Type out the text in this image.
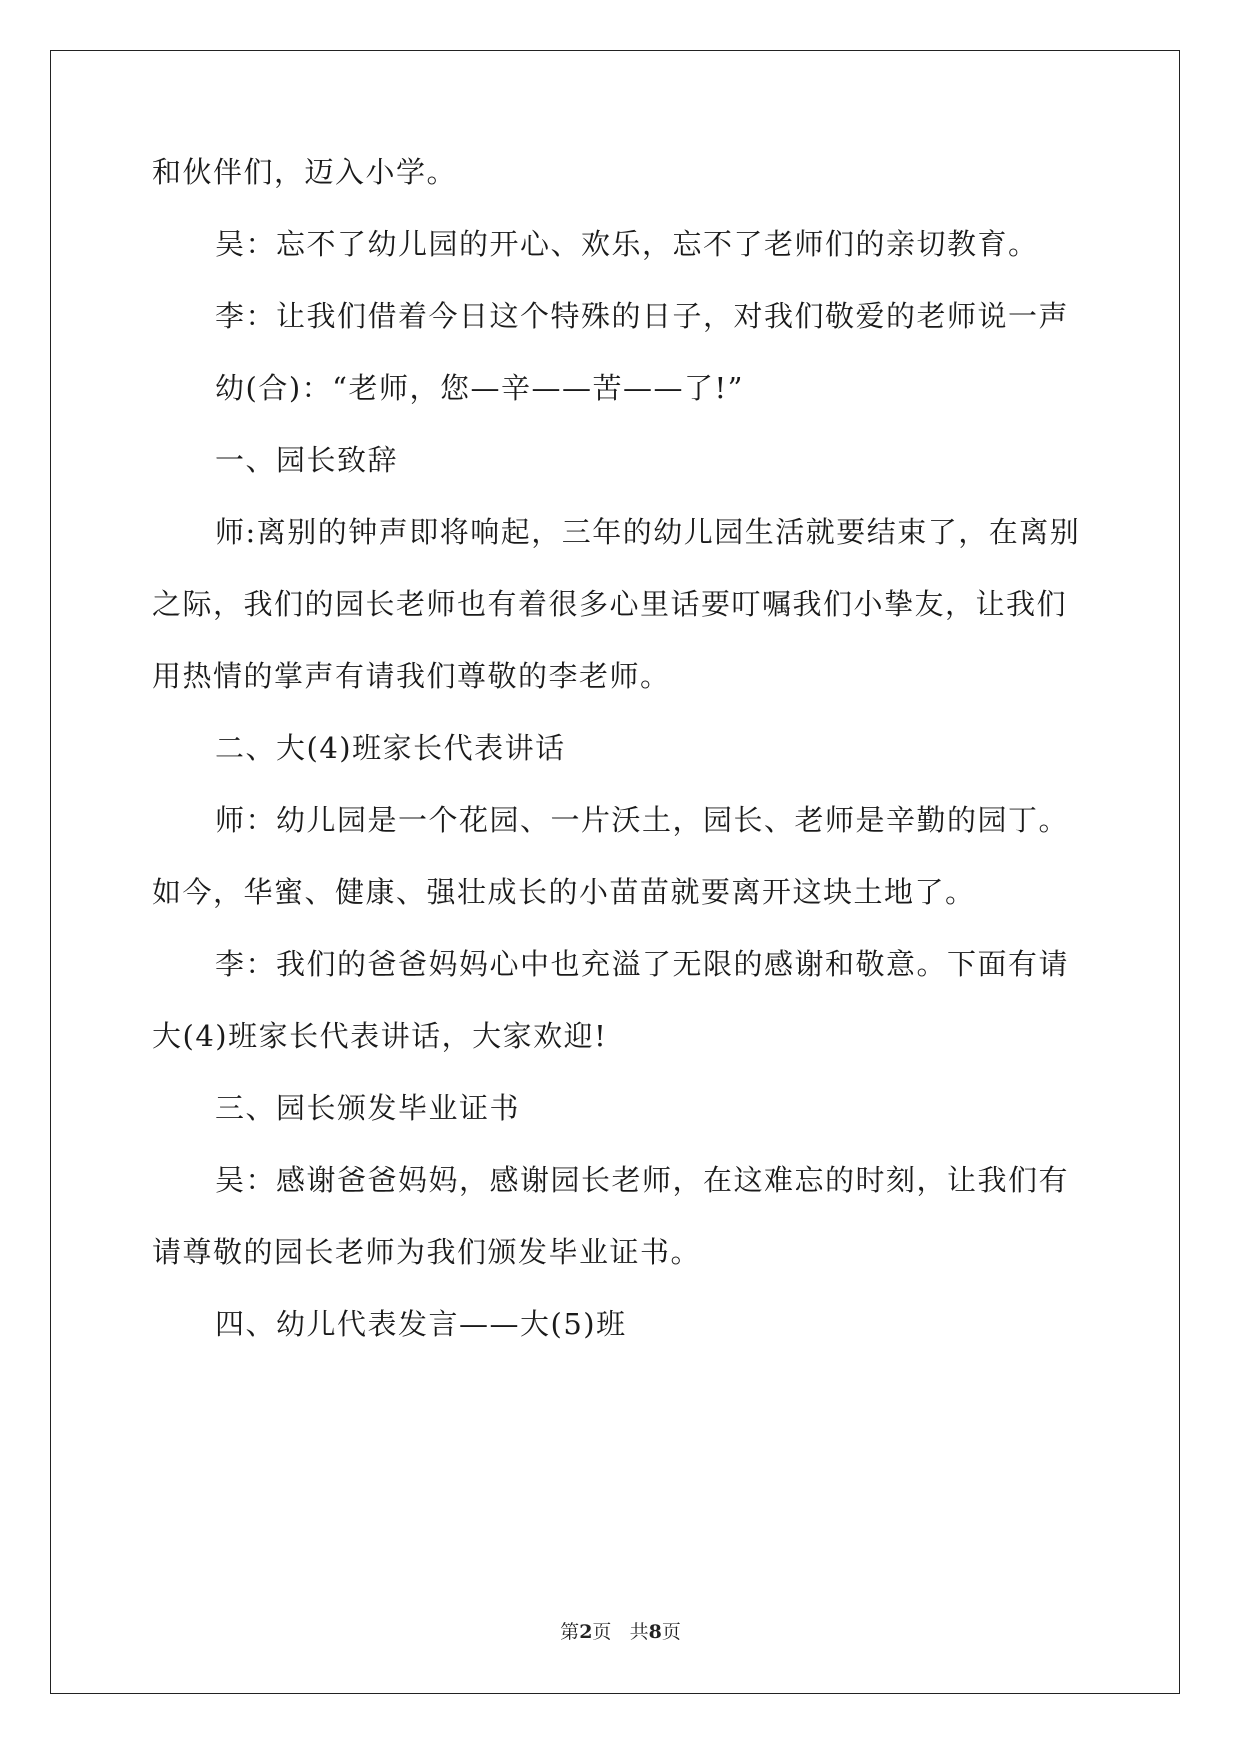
和伙伴们，迈入小学。
吴：忘不了幼儿园的开心、欢乐，忘不了老师们的亲切教育。
李：让我们借着今日这个特殊的日子，对我们敬爱的老师说一声
幼(合)：“老师，您—辛——苦——了!”
一、园长致辞
师:离别的钟声即将响起，三年的幼儿园生活就要结束了，在离别
之际，我们的园长老师也有着很多心里话要叮嘱我们小挚友，让我们
用热情的掌声有请我们尊敬的李老师。
二、大(4)班家长代表讲话
师：幼儿园是一个花园、一片沃土，园长、老师是辛勤的园丁。
如今，华蜜、健康、强壮成长的小苗苗就要离开这块土地了。
李：我们的爸爸妈妈心中也充溢了无限的感谢和敬意。下面有请
大(4)班家长代表讲话，大家欢迎!
三、园长颁发毕业证书
吴：感谢爸爸妈妈，感谢园长老师，在这难忘的时刻，让我们有
请尊敬的园长老师为我们颁发毕业证书。
四、幼儿代表发言——大(5)班
第2页 共8页
